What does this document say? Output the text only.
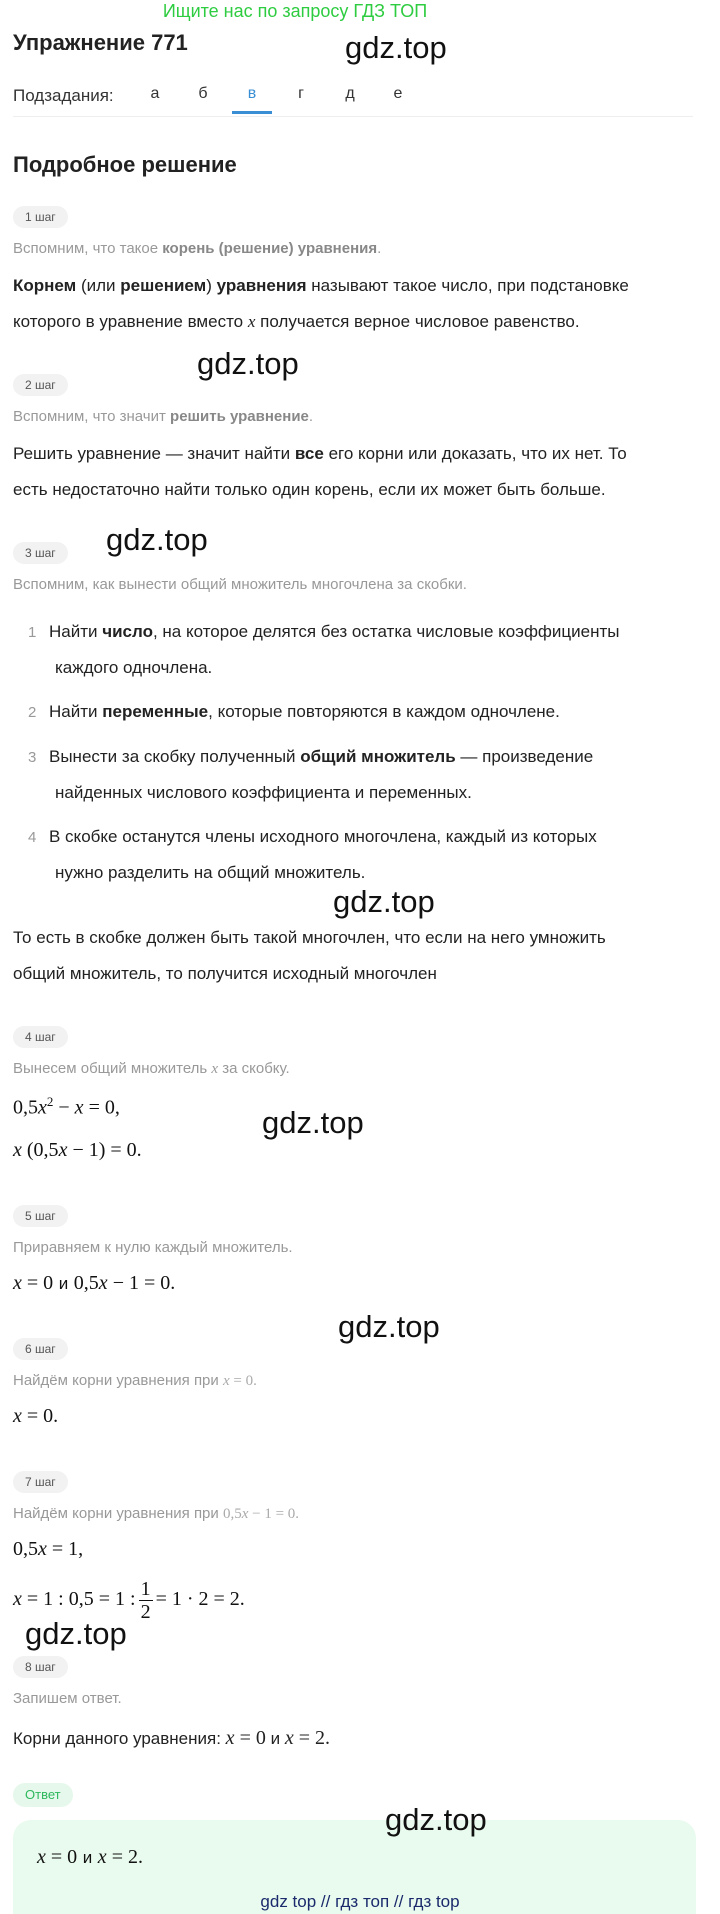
Ищите нас по запросу ГДЗ ТОП
Упражнение 771	gdz.top
Подзадания:	а	б	в	г	д	е
Подробное решение
1 шаг
Вспомним, что такое корень (решение) уравнения.
Корнем (или решением) уравнения называют такое число, при подстановке
которого в уравнение вместо x получается верное числовое равенство.
gdz.top
2 шаг
Вспомним, что значит решить уравнение.
Решить уравнение — значит найти все его корни или доказать, что их нет. То
есть недостаточно найти только один корень, если их может быть больше.
gdz.top
3 шаг
Вспомним, как вынести общий множитель многочлена за скобки.
1 Найти число, на которое делятся без остатка числовые коэффициенты
каждого одночлена.
2 Найти переменные, которые повторяются в каждом одночлене.
3 Вынести за скобку полученный общий множитель — произведение
найденных числового коэффициента и переменных.
4 В скобке останутся члены исходного многочлена, каждый из которых
нужно разделить на общий множитель.
gdz.top
То есть в скобке должен быть такой многочлен, что если на него умножить
общий множитель, то получится исходный многочлен
4 шаг
Вынесем общий множитель x за скобку.
$0,5x^2 - x = 0$,	gdz.top
x (0,5x − 1) = 0.
5 шаг
Приравняем к нулю каждый множитель.
x = 0 и 0,5x − 1 = 0.
gdz.top
6 шаг
Найдём корни уравнения при x = 0.
x = 0.
7 шаг
Найдём корни уравнения при 0,5x − 1 = 0.
0,5x = 1,
x = 1 : 0,5 = 1 : $\frac{1}{2} = 1 \cdot 2 = 2$.
gdz.top
8 шаг
Запишем ответ.
Корни данного уравнения: x = 0 и x = 2.
Ответ
x = 0 и x = 2.
gdz.top
gdz top // гдз топ // гдз top
